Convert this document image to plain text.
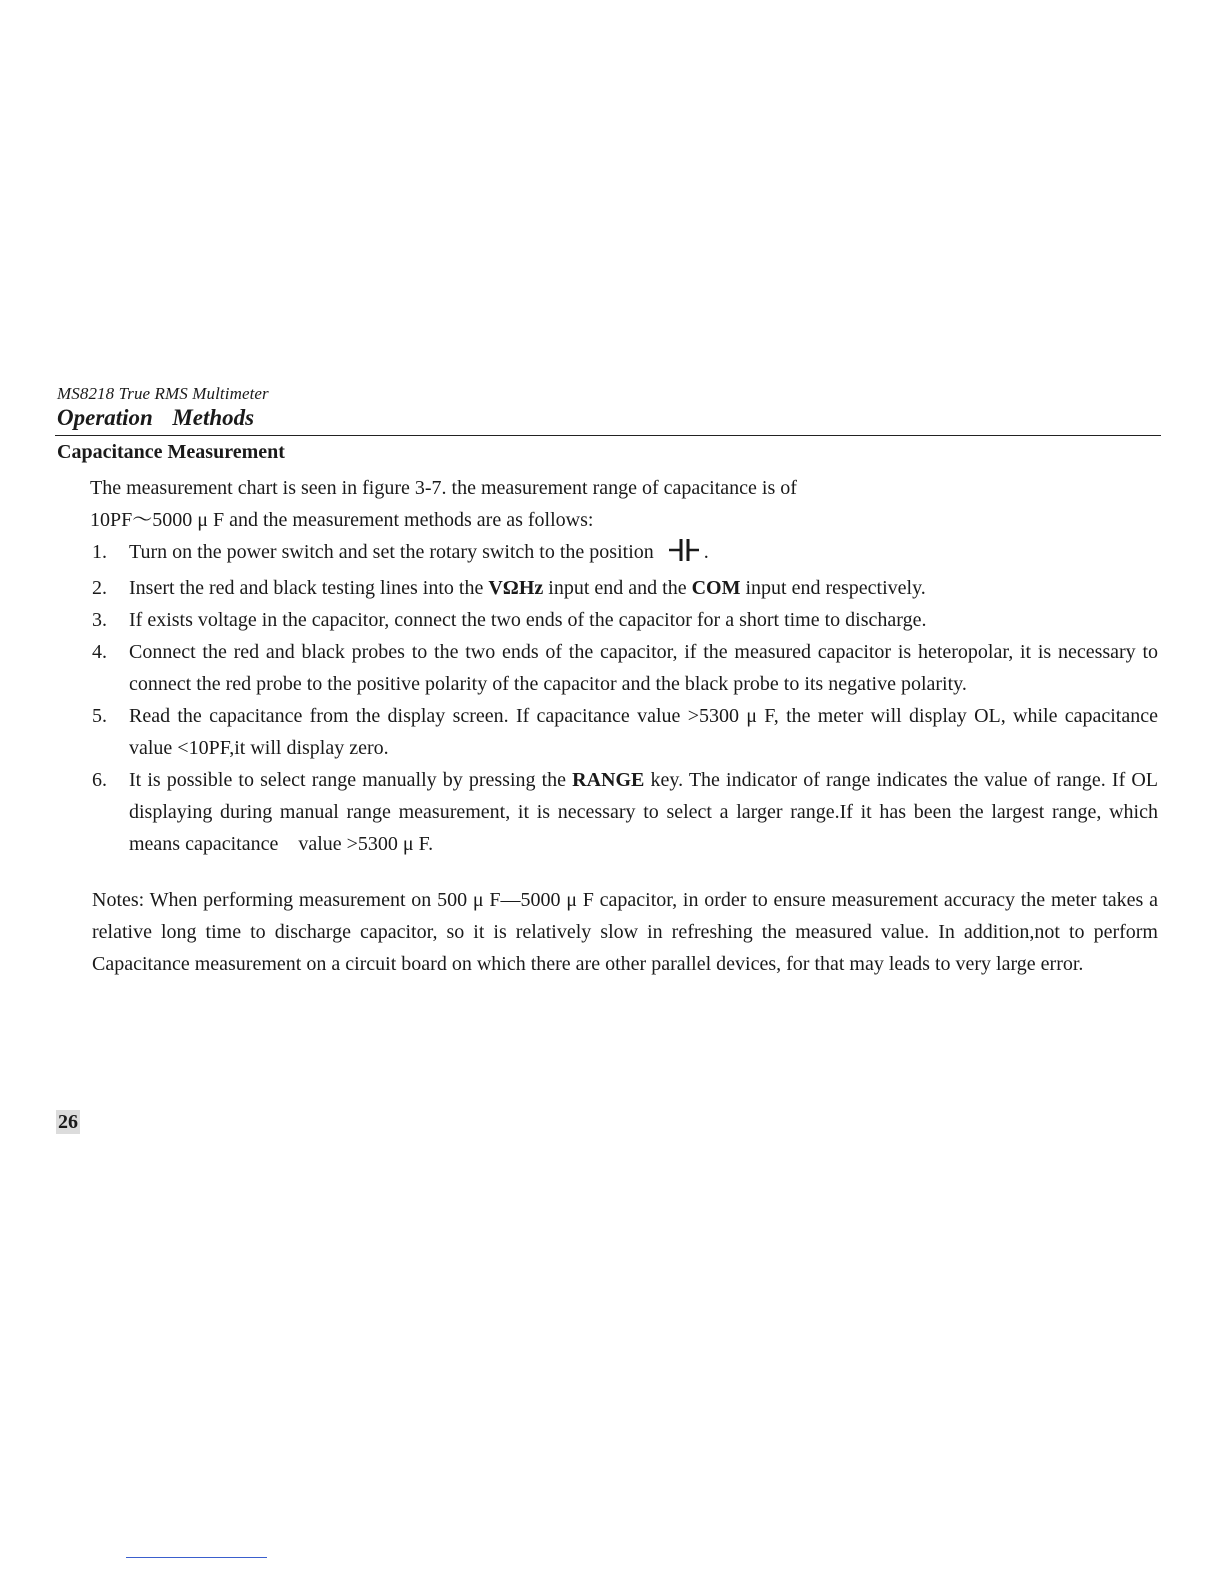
MS8218 True RMS Multimeter
Operation  Methods
Capacitance Measurement

The measurement chart is seen in figure 3-7. the measurement range of capacitance is of

10PF～5000 μ F and the measurement methods are as follows:

1. Turn on the power switch and set the rotary switch to the position	.
2. Insert the red and black testing lines into the VΩHz input end and the COM input end respectively.
3. If exists voltage in the capacitor, connect the two ends of the capacitor for a short time to discharge.
4. Connect the red and black probes to the two ends of the capacitor, if the measured capacitor is heteropolar, it is necessary to connect the red probe to the positive polarity of the capacitor and the black probe to its negative polarity.
5. Read the capacitance from the display screen. If capacitance value >5300 μ F, the meter will display OL, while capacitance value <10PF,it will display zero.
6. It is possible to select range manually by pressing the RANGE key. The indicator of range indicates the value of range. If OL displaying during manual range measurement, it is necessary to select a larger range.If it has been the largest range, which means capacitance    value >5300 μ F.

Notes: When performing measurement on 500 μ F—5000 μ F capacitor, in order to ensure measurement accuracy the meter takes a relative long time to discharge capacitor, so it is relatively slow in refreshing the measured value. In addition,not to perform Capacitance measurement on a circuit board on which there are other parallel devices, for that may leads to very large error.

26
